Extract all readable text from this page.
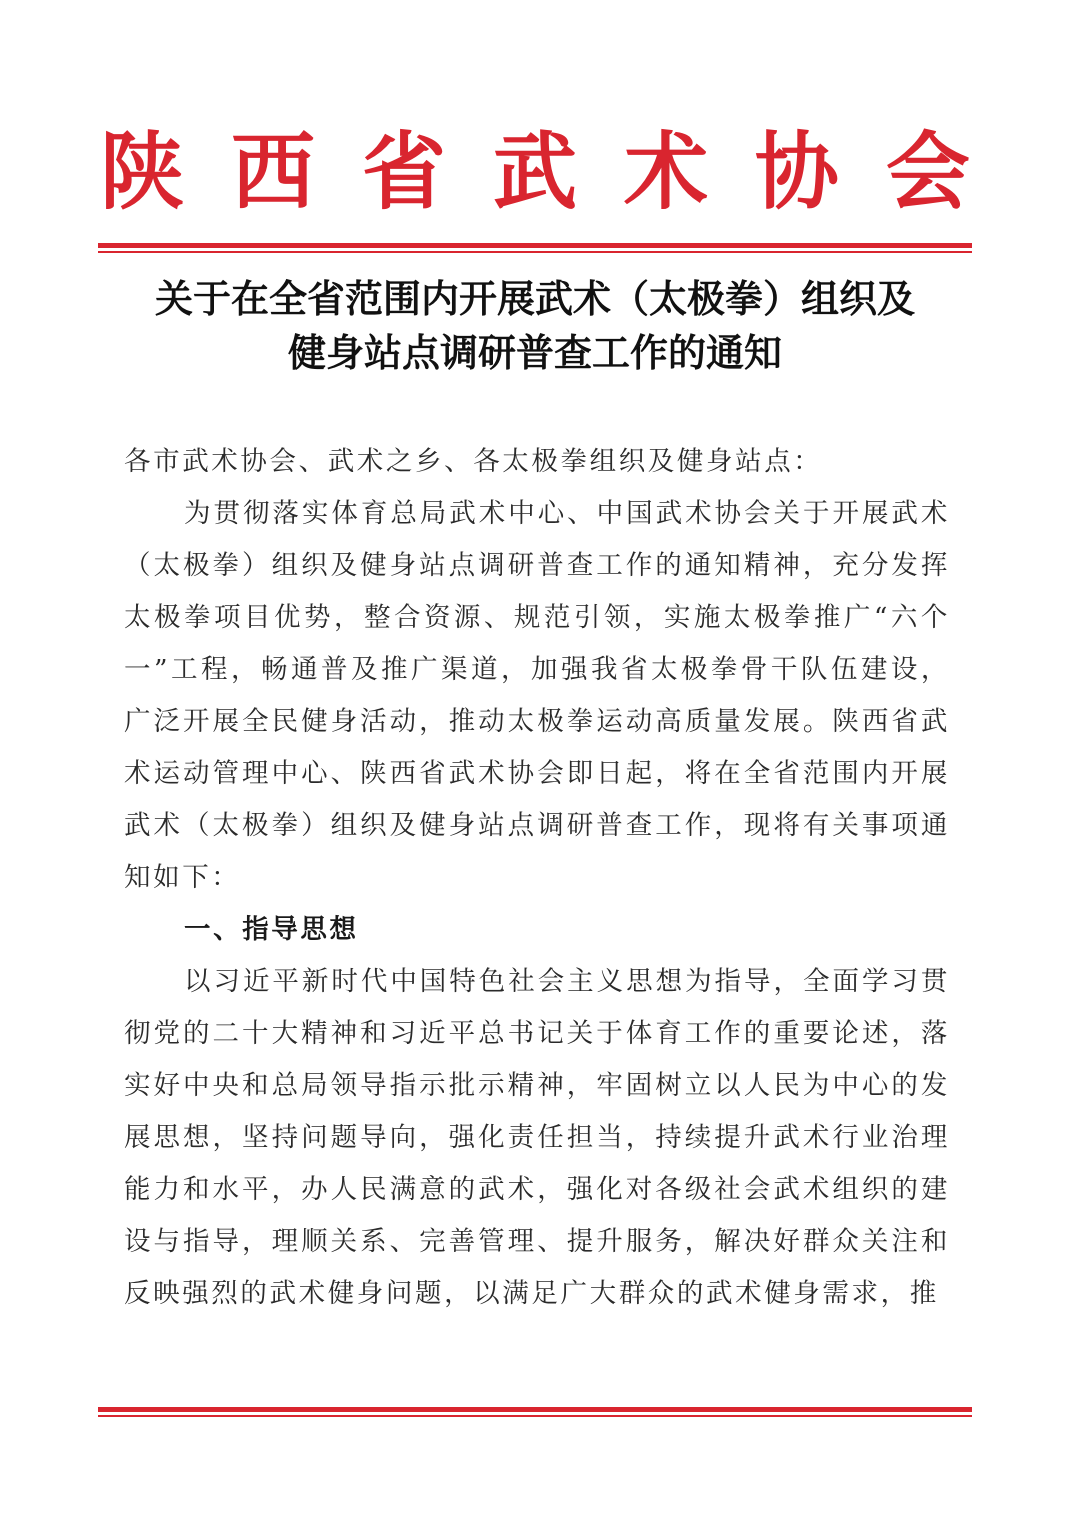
陕 西 省 武 术 协 会
关于在全省范围内开展武术（太极拳）组织及
健身站点调研普查工作的通知

各市武术协会、武术之乡、各太极拳组织及健身站点：

为贯彻落实体育总局武术中心、中国武术协会关于开展武术（太极拳）组织及健身站点调研普查工作的通知精神，充分发挥太极拳项目优势，整合资源、规范引领，实施太极拳推广“六个一”工程，畅通普及推广渠道，加强我省太极拳骨干队伍建设，广泛开展全民健身活动，推动太极拳运动高质量发展。陕西省武术运动管理中心、陕西省武术协会即日起，将在全省范围内开展武术（太极拳）组织及健身站点调研普查工作，现将有关事项通知如下：

一、指导思想

以习近平新时代中国特色社会主义思想为指导，全面学习贯彻党的二十大精神和习近平总书记关于体育工作的重要论述，落实好中央和总局领导指示批示精神，牢固树立以人民为中心的发展思想，坚持问题导向，强化责任担当，持续提升武术行业治理能力和水平，办人民满意的武术，强化对各级社会武术组织的建设与指导，理顺关系、完善管理、提升服务，解决好群众关注和反映强烈的武术健身问题，以满足广大群众的武术健身需求，推
